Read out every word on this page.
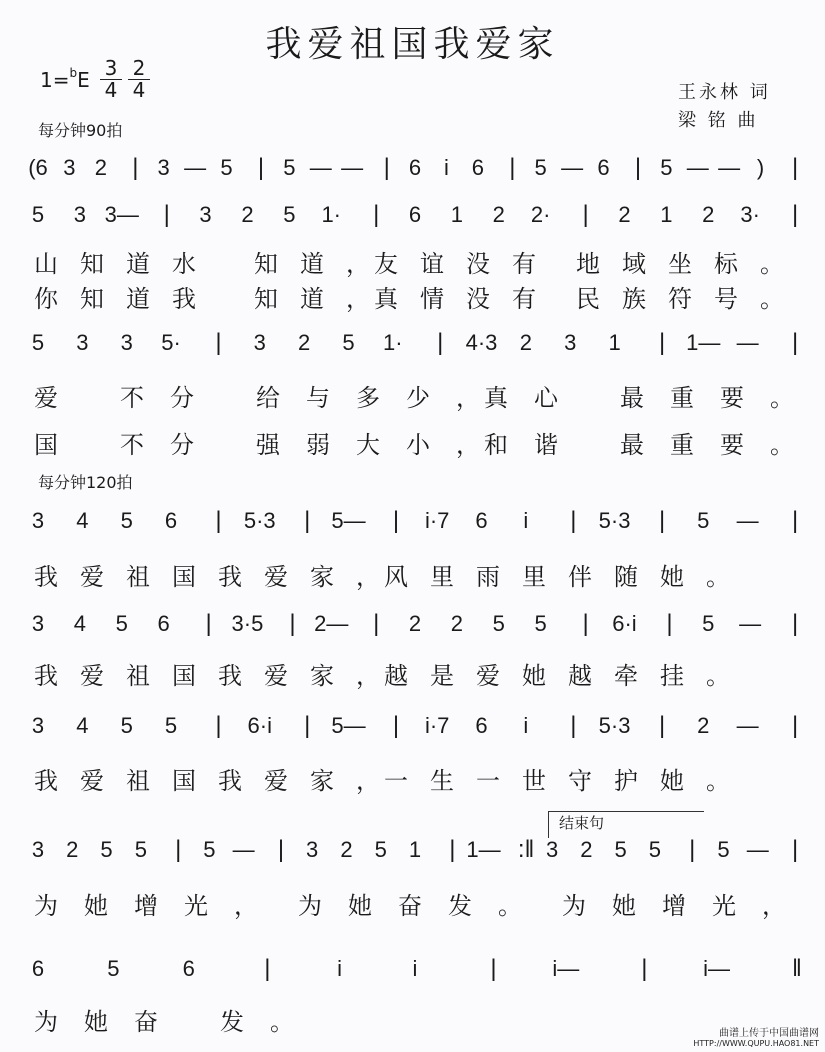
我爱祖国我爱家
$1=^bE \frac{3}{4} \frac{2}{4}$	王永林 词
梁 铭 曲
每分钟90拍
每分钟120拍
(6 3 2 | 3 — 5 | 5 — — | 6 i 6 | 5 — 6 | 5 — — ) |
5 3 3— | 3 2 5 1· | 6 1 2 2· | 2 1 2 3· |
5 3 3 5· | 3 2 5 1· | 4·3 2 3 1 | 1— — |
3 4 5 6 | 5·3 | 5— | i·7 6 i | 5·3 | 5 — |
3 4 5 6 | 3·5 | 2— | 2 2 5 5 | 6·i | 5 — |
3 4 5 5 | 6·i | 5— | i·7 6 i | 5·3 | 2 — |
3 2 5 5 | 5 — | 3 2 5 1 | 1— :‖ 3 2 5 5 | 5 — |
6	5	6	|	i	i	|	i—	|	i—	‖
山 知 道 水 知 道 ， 友 谊 没 有 地 域 坐 标 。
你 知 道 我 知 道 ， 真 情 没 有 民 族 符 号 。
爱	不 分	给 与 多 少 ， 真 心	最 重 要 。
国	不 分	强 弱 大 小 ， 和 谐	最 重 要 。
我 爱 祖 国 我 爱 家 ， 风 里 雨 里 伴 随 她 。
我 爱 祖 国 我 爱 家 ， 越 是 爱 她 越 牵 挂 。
我 爱 祖 国 我 爱 家 ， 一 生 一 世 守 护 她 。
为 她 增 光 ， 为 她 奋 发 。 为 她 增 光 ，
为 她 奋	发 。
结束句
曲谱上传于中国曲谱网
HTTP://WWW.QUPU.HAO81.NET
